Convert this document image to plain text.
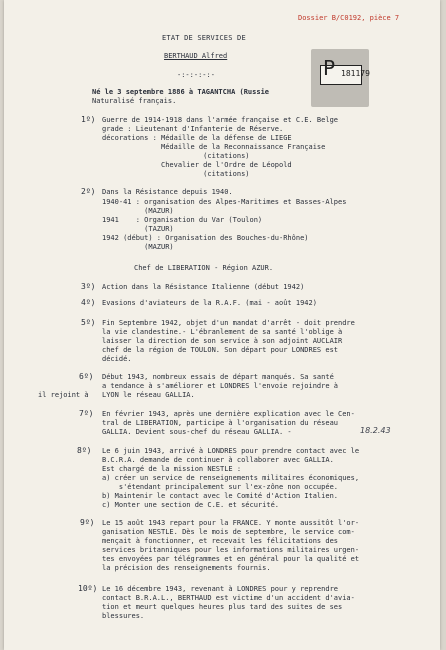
Dossier B/C0192, pièce 7
ETAT DE SERVICES DE
BERTHAUD Alfred
-:-:-:-:-	P 181179
Né le 3 septembre 1886 à TAGANTCHA (Russie
Naturalisé français.
1º) Guerre de 1914-1918 dans l'armée française et C.E. Belge
grade : Lieutenant d'Infanterie de Réserve.
décorations : Médaille de la défense de LIEGE
Médaille de la Reconnaissance Française
(citations)
Chevalier de l'Ordre de Léopold
(citations)
2º) Dans la Résistance depuis 1940.
1940-41 : organisation des Alpes-Maritimes et Basses-Alpes
(MAZUR)
1941    : Organisation du Var (Toulon)
(TAZUR)
1942 (début) : Organisation des Bouches-du-Rhône)
(MAZUR)
Chef de LIBERATION - Région AZUR.
3º) Action dans la Résistance Italienne (début 1942)
4º) Evasions d'aviateurs de la R.A.F. (mai - août 1942)
5º) Fin Septembre 1942, objet d'un mandat d'arrêt - doit prendre
la vie clandestine.- L'ébranlement de sa santé l'oblige à
laisser la direction de son service à son adjoint AUCLAIR
chef de la région de TOULON. Son départ pour LONDRES est
décidé.
6º) Début 1943, nombreux essais de départ manqués. Sa santé
a tendance à s'améliorer et LONDRES l'envoie rejoindre à
il rejoint à LYON le réseau GALLIA.
7º) En février 1943, après une dernière explication avec le Cen-
tral de LIBERATION, participe à l'organisation du réseau
GALLIA. Devient sous-chef du réseau GALLIA. -	18.2.43
8º) Le 6 juin 1943, arrivé à LONDRES pour prendre contact avec le
B.C.R.A. demande de continuer à collaborer avec GALLIA.
Est chargé de la mission NESTLE :
a) créer un service de renseignements militaires économiques,
s'étendant principalement sur l'ex-zône non occupée.
b) Maintenir le contact avec le Comité d'Action Italien.
c) Monter une section de C.E. et sécurité.
9º) Le 15 août 1943 repart pour la FRANCE. Y monte aussitôt l'or-
ganisation NESTLE. Dès le mois de septembre, le service com-
mençait à fonctionner, et recevait les félicitations des
services britanniques pour les informations militaires urgen-
tes envoyées par télégrammes et en général pour la qualité et
la précision des renseignements fournis.
10º) Le 16 décembre 1943, revenant à LONDRES pour y reprendre
contact B.R.A.L., BERTHAUD est victime d'un accident d'avia-
tion et meurt quelques heures plus tard des suites de ses
blessures.
